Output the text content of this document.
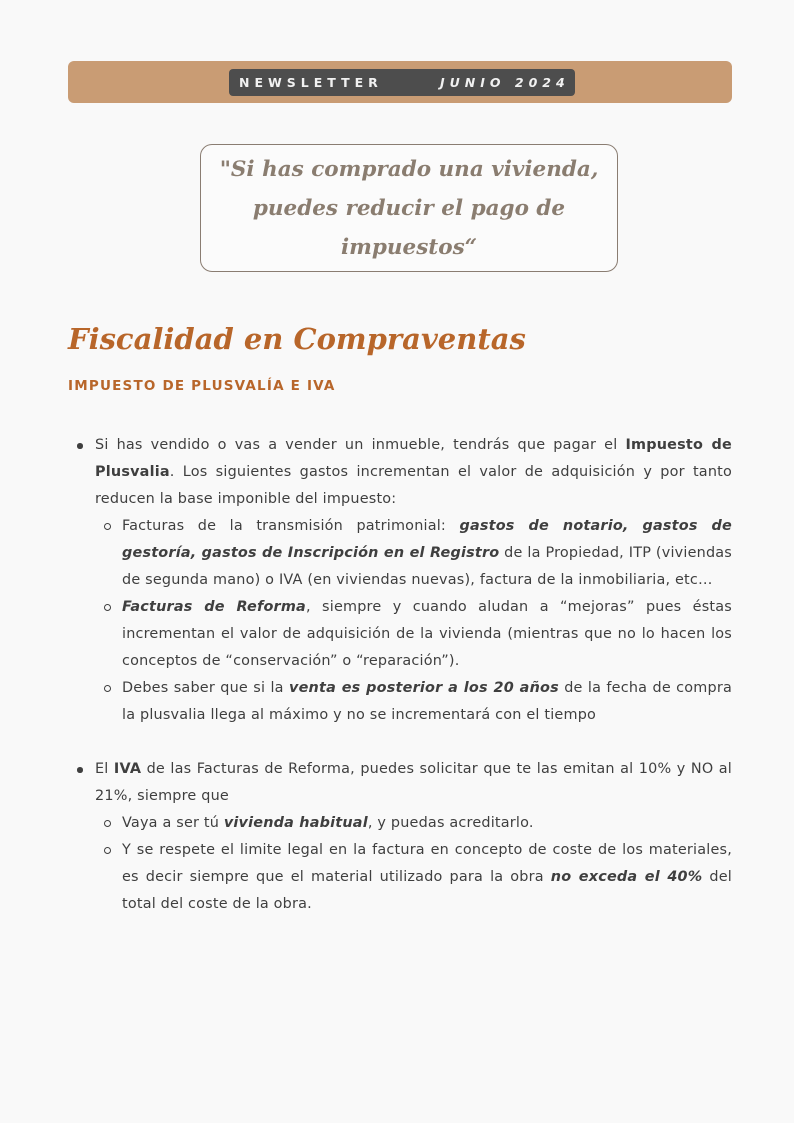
NEWSLETTER	JUNIO 2024

"Si has comprado una vivienda, puedes reducir el pago de impuestos“

Fiscalidad en Compraventas
IMPUESTO DE PLUSVALÍA E IVA
Si has vendido o vas a vender un inmueble, tendrás que pagar el Impuesto de Plusvalia. Los siguientes gastos incrementan el valor de adquisición y por tanto reducen la base imponible del impuesto:
Facturas de la transmisión patrimonial: gastos de notario, gastos de gestoría, gastos de Inscripción en el Registro de la Propiedad, ITP (viviendas de segunda mano) o IVA (en viviendas nuevas), factura de la inmobiliaria, etc…
Facturas de Reforma, siempre y cuando aludan a “mejoras” pues éstas incrementan el valor de adquisición de la vivienda (mientras que no lo hacen los conceptos de “conservación” o “reparación”).
Debes saber que si la venta es posterior a los 20 años de la fecha de compra la plusvalia llega al máximo y no se incrementará con el tiempo
El IVA de las Facturas de Reforma, puedes solicitar que te las emitan al 10% y NO al 21%, siempre que
Vaya a ser tú vivienda habitual, y puedas acreditarlo.
Y se respete el limite legal en la factura en concepto de coste de los materiales, es decir siempre que el material utilizado para la obra no exceda el 40% del total del coste de la obra.
